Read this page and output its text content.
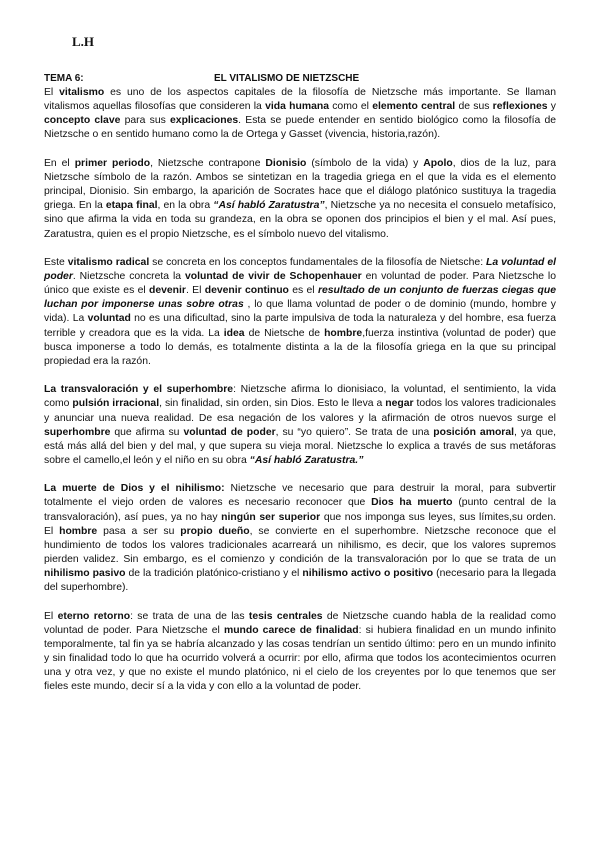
L.H
TEMA 6:	EL VITALISMO DE NIETZSCHE

El vitalismo es uno de los aspectos capitales de la filosofía de Nietzsche más importante. Se llaman vitalismos aquellas filosofías que consideren la vida humana como el elemento central de sus reflexiones y concepto clave para sus explicaciones. Esta se puede entender en sentido biológico como la filosofía de Nietzsche o en sentido humano como la de Ortega y Gasset (vivencia, historia,razón).

En el primer periodo, Nietzsche contrapone Dionisio (símbolo de la vida) y Apolo, dios de la luz, para Nietzsche símbolo de la razón. Ambos se sintetizan en la tragedia griega en el que la vida es el elemento principal, Dionisio. Sin embargo, la aparición de Socrates hace que el diálogo platónico sustituya la tragedia griega. En la etapa final, en la obra “Así habló Zaratustra”, Nietzsche ya no necesita el consuelo metafísico, sino que afirma la vida en toda su grandeza, en la obra se oponen dos principios el bien y el mal. Así pues, Zaratustra, quien es el propio Nietzsche, es el símbolo nuevo del vitalismo.

Este vitalismo radical se concreta en los conceptos fundamentales de la filosofía de Nietsche: La voluntad el poder. Nietzsche concreta la voluntad de vivir de Schopenhauer en voluntad de poder. Para Nietzsche lo único que existe es el devenir. El devenir continuo es el resultado de un conjunto de fuerzas ciegas que luchan por imponerse unas sobre otras , lo que llama voluntad de poder o de dominio (mundo, hombre y vida). La voluntad no es una dificultad, sino la parte impulsiva de toda la naturaleza y del hombre, esa fuerza terrible y creadora que es la vida. La idea de Nietsche de hombre,fuerza instintiva (voluntad de poder) que busca imponerse a todo lo demás, es totalmente distinta a la de la filosofía griega en la que su principal propiedad era la razón.

La transvaloración y el superhombre: Nietzsche afirma lo dionisiaco, la voluntad, el sentimiento, la vida como pulsión irracional, sin finalidad, sin orden, sin Dios. Esto le lleva a negar todos los valores tradicionales y anunciar una nueva realidad. De esa negación de los valores y la afirmación de otros nuevos surge el superhombre que afirma su voluntad de poder, su “yo quiero”. Se trata de una posición amoral, ya que, está más allá del bien y del mal, y que supera su vieja moral. Nietzsche lo explica a través de sus metáforas sobre el camello,el león y el niño en su obra “Así habló Zaratustra.”

La muerte de Dios y el nihilismo: Nietzsche ve necesario que para destruir la moral, para subvertir totalmente el viejo orden de valores es necesario reconocer que Dios ha muerto (punto central de la transvaloración), así pues, ya no hay ningún ser superior que nos imponga sus leyes, sus límites,su orden. El hombre pasa a ser su propio dueño, se convierte en el superhombre. Nietzsche reconoce que el hundimiento de todos los valores tradicionales acarreará un nihilismo, es decir, que los valores supremos pierden validez. Sin embargo, es el comienzo y condición de la transvaloración por lo que se trata de un nihilismo pasivo de la tradición platónico-cristiano y el nihilismo activo o positivo (necesario para la llegada del superhombre).

El eterno retorno: se trata de una de las tesis centrales de Nietzsche cuando habla de la realidad como voluntad de poder. Para Nietzsche el mundo carece de finalidad: si hubiera finalidad en un mundo infinito temporalmente, tal fin ya se habría alcanzado y las cosas tendrían un sentido último: pero en un mundo infinito y sin finalidad todo lo que ha ocurrido volverá a ocurrir: por ello, afirma que todos los acontecimientos ocurren una y otra vez, y que no existe el mundo platónico, ni el cielo de los creyentes por lo que tenemos que ser fieles este mundo, decir sí a la vida y con ello a la voluntad de poder.
